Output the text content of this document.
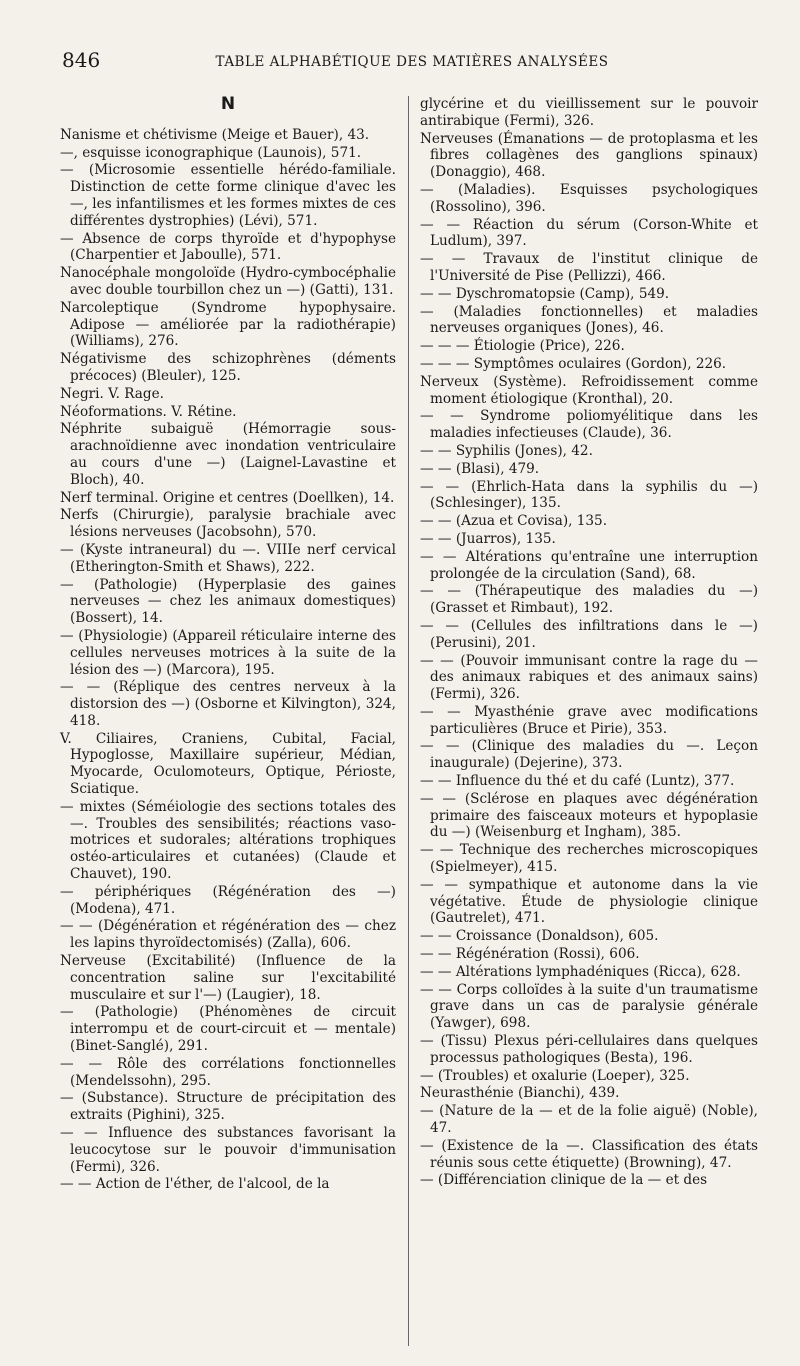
846	TABLE ALPHABÉTIQUE DES MATIÈRES ANALYSÉES
N

Nanisme et chétivisme (Meige et Bauer), 43.

—, esquisse iconographique (Launois), 571.

— (Microsomie essentielle hérédo-familiale. Distinction de cette forme clinique d'avec les —, les infantilismes et les formes mixtes de ces différentes dystrophies) (Lévi), 571.

— Absence de corps thyroïde et d'hypophyse (Charpentier et Jaboulle), 571.

Nanocéphale mongoloïde (Hydro-cymbocéphalie avec double tourbillon chez un —) (Gatti), 131.

Narcoleptique (Syndrome hypophysaire. Adipose — améliorée par la radiothérapie) (Williams), 276.

Négativisme des schizophrènes (déments précoces) (Bleuler), 125.

Negri. V. Rage.

Néoformations. V. Rétine.

Néphrite subaiguë (Hémorragie sous-arachnoïdienne avec inondation ventriculaire au cours d'une —) (Laignel-Lavastine et Bloch), 40.

Nerf terminal. Origine et centres (Doellken), 14.

Nerfs (Chirurgie), paralysie brachiale avec lésions nerveuses (Jacobsohn), 570.

— (Kyste intraneural) du —. VIIIe nerf cervical (Etherington-Smith et Shaws), 222.

— (Pathologie) (Hyperplasie des gaines nerveuses — chez les animaux domestiques) (Bossert), 14.

— (Physiologie) (Appareil réticulaire interne des cellules nerveuses motrices à la suite de la lésion des —) (Marcora), 195.

— — (Réplique des centres nerveux à la distorsion des —) (Osborne et Kilvington), 324, 418.

V. Ciliaires, Craniens, Cubital, Facial, Hypoglosse, Maxillaire supérieur, Médian, Myocarde, Oculomoteurs, Optique, Périoste, Sciatique.

— mixtes (Séméiologie des sections totales des —. Troubles des sensibilités; réactions vaso-motrices et sudorales; altérations trophiques ostéo-articulaires et cutanées) (Claude et Chauvet), 190.

— périphériques (Régénération des —) (Modena), 471.

— — (Dégénération et régénération des — chez les lapins thyroïdectomisés) (Zalla), 606.

Nerveuse (Excitabilité) (Influence de la concentration saline sur l'excitabilité musculaire et sur l'—) (Laugier), 18.

— (Pathologie) (Phénomènes de circuit interrompu et de court-circuit et — mentale) (Binet-Sanglé), 291.

— — Rôle des corrélations fonctionnelles (Mendelssohn), 295.

— (Substance). Structure de précipitation des extraits (Pighini), 325.

— — Influence des substances favorisant la leucocytose sur le pouvoir d'immunisation (Fermi), 326.

— — Action de l'éther, de l'alcool, de la

glycérine et du vieillissement sur le pouvoir antirabique (Fermi), 326.

Nerveuses (Émanations — de protoplasma et les fibres collagènes des ganglions spinaux) (Donaggio), 468.

— (Maladies). Esquisses psychologiques (Rossolino), 396.

— — Réaction du sérum (Corson-White et Ludlum), 397.

— — Travaux de l'institut clinique de l'Université de Pise (Pellizzi), 466.

— — Dyschromatopsie (Camp), 549.

— (Maladies fonctionnelles) et maladies nerveuses organiques (Jones), 46.

— — — Étiologie (Price), 226.

— — — Symptômes oculaires (Gordon), 226.

Nerveux (Système). Refroidissement comme moment étiologique (Kronthal), 20.

— — Syndrome poliomyélitique dans les maladies infectieuses (Claude), 36.

— — Syphilis (Jones), 42.

— — (Blasi), 479.

— — (Ehrlich-Hata dans la syphilis du —) (Schlesinger), 135.

— — (Azua et Covisa), 135.

— — (Juarros), 135.

— — Altérations qu'entraîne une interruption prolongée de la circulation (Sand), 68.

— — (Thérapeutique des maladies du —) (Grasset et Rimbaut), 192.

— — (Cellules des infiltrations dans le —) (Perusini), 201.

— — (Pouvoir immunisant contre la rage du — des animaux rabiques et des animaux sains) (Fermi), 326.

— — Myasthénie grave avec modifications particulières (Bruce et Pirie), 353.

— — (Clinique des maladies du —. Leçon inaugurale) (Dejerine), 373.

— — Influence du thé et du café (Luntz), 377.

— — (Sclérose en plaques avec dégénération primaire des faisceaux moteurs et hypoplasie du —) (Weisenburg et Ingham), 385.

— — Technique des recherches microscopiques (Spielmeyer), 415.

— — sympathique et autonome dans la vie végétative. Étude de physiologie clinique (Gautrelet), 471.

— — Croissance (Donaldson), 605.

— — Régénération (Rossi), 606.

— — Altérations lymphadéniques (Ricca), 628.

— — Corps colloïdes à la suite d'un traumatisme grave dans un cas de paralysie générale (Yawger), 698.

— (Tissu) Plexus péri-cellulaires dans quelques processus pathologiques (Besta), 196.

— (Troubles) et oxalurie (Loeper), 325.

Neurasthénie (Bianchi), 439.

— (Nature de la — et de la folie aiguë) (Noble), 47.

— (Existence de la —. Classification des états réunis sous cette étiquette) (Browning), 47.

— (Différenciation clinique de la — et des
